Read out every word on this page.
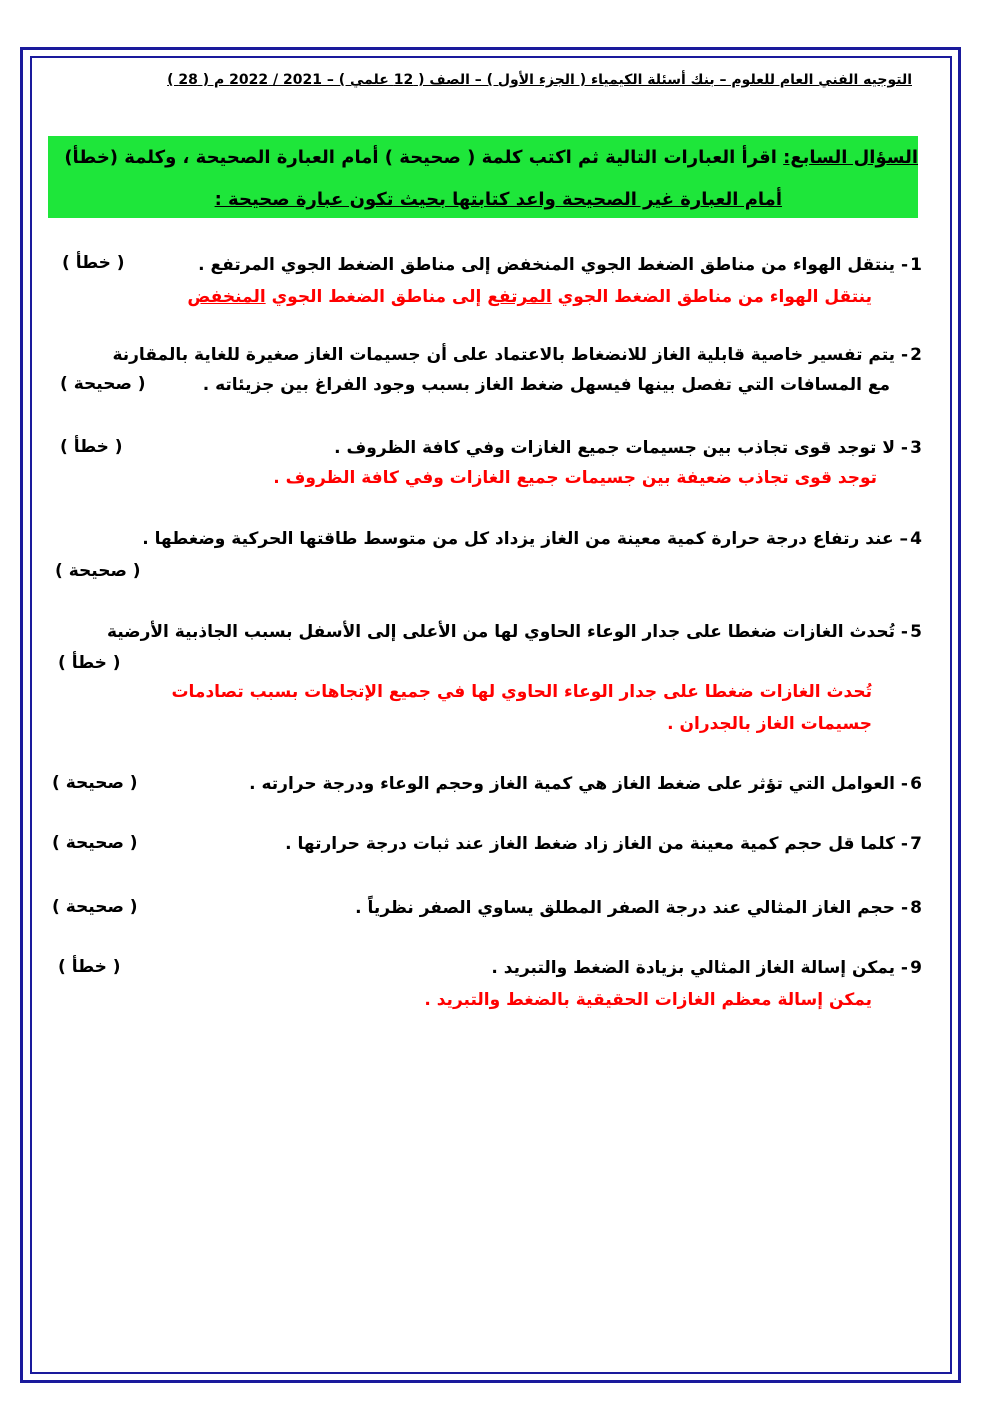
التوجيه الفني العام للعلوم – بنك أسئلة الكيمياء ( الجزء الأول ) – الصف ( 12 علمي ) – 2021 / 2022 م ( 28 )
السؤال السابع: اقرأ العبارات التالية ثم اكتب كلمة ( صحيحة ) أمام العبارة الصحيحة ، وكلمة (خطأ)
أمام العبارة غير الصحيحة واعد كتابتها بحيث تكون عبارة صحيحة :
1
- ينتقل الهواء من مناطق الضغط الجوي المنخفض إلى مناطق الضغط الجوي المرتفع .
( خطأ )
ينتقل الهواء من مناطق الضغط الجوي المرتفع إلى مناطق الضغط الجوي المنخفض
2
- يتم تفسير خاصية قابلية الغاز للانضغاط بالاعتماد على أن جسيمات الغاز صغيرة للغاية بالمقارنة
مع المسافات التي تفصل بينها فيسهل ضغط الغاز بسبب وجود الفراغ بين جزيئاته .
( صحيحة )
3
- لا توجد قوى تجاذب بين جسيمات جميع الغازات وفي كافة الظروف .
( خطأ )
توجد قوى تجاذب ضعيفة بين جسيمات جميع الغازات وفي كافة الظروف .
4
– عند رتفاع درجة حرارة كمية معينة من الغاز يزداد كل من متوسط طاقتها الحركية وضغطها .
( صحيحة )
5
- تُحدث الغازات ضغطا على جدار الوعاء الحاوي لها من الأعلى إلى الأسفل بسبب الجاذبية الأرضية
( خطأ )
تُحدث الغازات ضغطا على جدار الوعاء الحاوي لها في جميع الإتجاهات بسبب تصادمات
جسيمات الغاز بالجدران .
6
- العوامل التي تؤثر على ضغط الغاز هي كمية الغاز وحجم الوعاء ودرجة حرارته .
( صحيحة )
7
- كلما قل حجم كمية معينة من الغاز زاد ضغط الغاز عند ثبات درجة حرارتها .
( صحيحة )
8
- حجم الغاز المثالي عند درجة الصفر المطلق يساوي الصفر نظرياً .
( صحيحة )
9
- يمكن إسالة الغاز المثالي بزيادة الضغط والتبريد .
( خطأ )
يمكن إسالة معظم الغازات الحقيقية بالضغط والتبريد .
